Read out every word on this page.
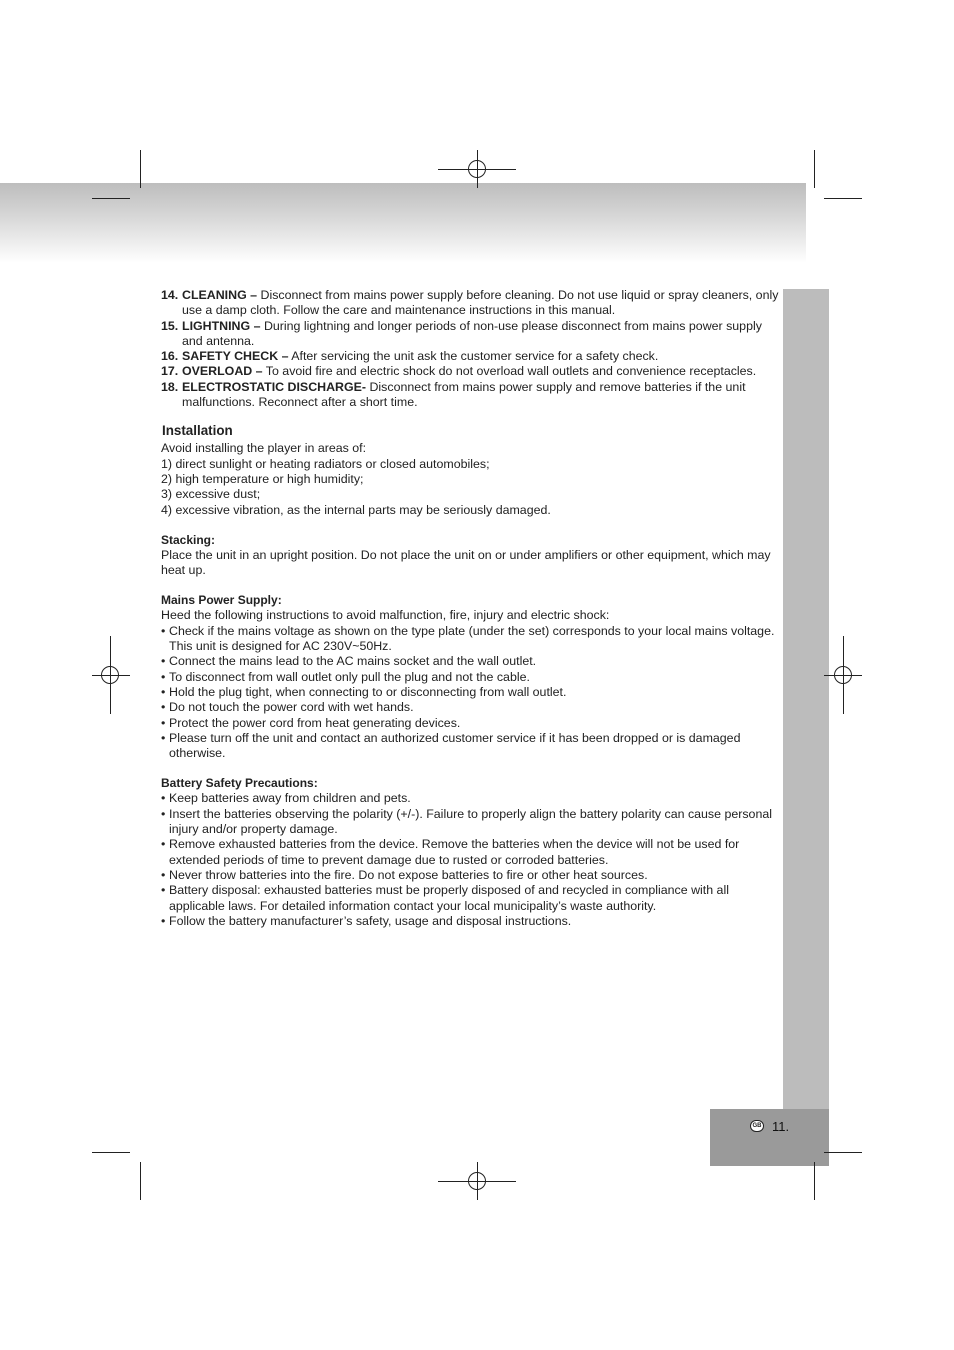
GB 11.
14. CLEANING – Disconnect from mains power supply before cleaning. Do not use liquid or spray cleaners, only use a damp cloth. Follow the care and maintenance instructions in this manual.
15. LIGHTNING – During lightning and longer periods of non-use please disconnect from mains power supply and antenna.
16. SAFETY CHECK – After servicing the unit ask the customer service for a safety check.
17. OVERLOAD – To avoid fire and electric shock do not overload wall outlets and convenience receptacles.
18. ELECTROSTATIC DISCHARGE- Disconnect from mains power supply and remove batteries if the unit malfunctions. Reconnect after a short time.
Installation

Avoid installing the player in areas of:

1) direct sunlight or heating radiators or closed automobiles;

2) high temperature or high humidity;

3) excessive dust;

4) excessive vibration, as the internal parts may be seriously damaged.

Stacking:

Place the unit in an upright position. Do not place the unit on or under amplifiers or other equipment, which may heat up.

Mains Power Supply:

Heed the following instructions to avoid malfunction, fire, injury and electric shock:

• Check if the mains voltage as shown on the type plate (under the set) corresponds to your local mains voltage. This unit is designed for AC 230V~50Hz.
• Connect the mains lead to the AC mains socket and the wall outlet.
• To disconnect from wall outlet only pull the plug and not the cable.
• Hold the plug tight, when connecting to or disconnecting from wall outlet.
• Do not touch the power cord with wet hands.
• Protect the power cord from heat generating devices.
• Please turn off the unit and contact an authorized customer service if it has been dropped or is damaged otherwise.
Battery Safety Precautions:
• Keep batteries away from children and pets.
• Insert the batteries observing the polarity (+/-). Failure to properly align the battery polarity can cause personal injury and/or property damage.
• Remove exhausted batteries from the device. Remove the batteries when the device will not be used for extended periods of time to prevent damage due to rusted or corroded batteries.
• Never throw batteries into the fire. Do not expose batteries to fire or other heat sources.
• Battery disposal: exhausted batteries must be properly disposed of and recycled in compliance with all applicable laws. For detailed information contact your local municipality’s waste authority.
• Follow the battery manufacturer’s safety, usage and disposal instructions.
